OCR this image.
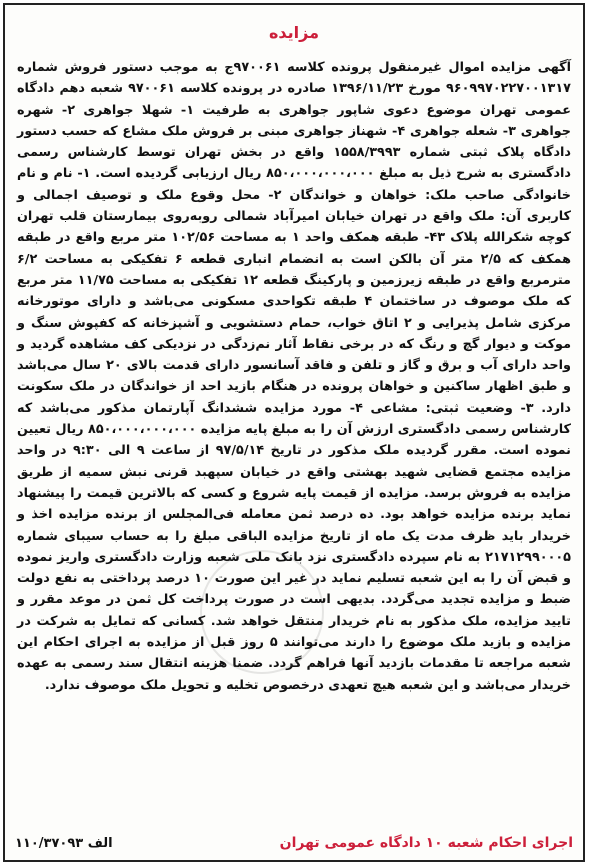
مزایده

آگهی مزایده اموال غیرمنقول پرونده کلاسه ۹۷۰۰۶۱ج به موجب دستور فروش شماره ۹۶۰۹۹۷۰۲۲۷۰۰۱۳۱۷ مورخ ۱۳۹۶/۱۱/۲۳ صادره در پرونده کلاسه ۹۷۰۰۶۱ شعبه دهم دادگاه عمومی تهران موضوع دعوی شاپور جواهری به طرفیت ۱- شهلا جواهری ۲- شهره جواهری ۳- شعله جواهری ۴- شهناز جواهری مبنی بر فروش ملک مشاع که حسب دستور دادگاه پلاک ثبتی شماره ۱۵۵۸/۳۹۹۳ واقع در بخش تهران توسط کارشناس رسمی دادگستری به شرح ذیل به مبلغ ۸۵۰،۰۰۰،۰۰۰،۰۰۰ ریال ارزیابی گردیده است. ۱- نام و نام خانوادگی صاحب ملک: خواهان و خواندگان ۲- محل وقوع ملک و توصیف اجمالی و کاربری آن: ملک واقع در تهران خیابان امیرآباد شمالی روبه‌روی بیمارستان قلب تهران کوچه شکرالله پلاک ۴۳- طبقه همکف واحد ۱ به مساحت ۱۰۲/۵۶ متر مربع واقع در طبقه همکف که ۲/۵ متر آن بالکن است به انضمام انباری قطعه ۶ تفکیکی به مساحت ۶/۲ مترمربع واقع در طبقه زیرزمین و پارکینگ قطعه ۱۲ تفکیکی به مساحت ۱۱/۷۵ متر مربع که ملک موصوف در ساختمان ۴ طبقه تکواحدی مسکونی می‌باشد و دارای موتورخانه مرکزی شامل پذیرایی و ۲ اتاق خواب، حمام دستشویی و آشپزخانه که کفپوش سنگ و موکت و دیوار گچ و رنگ که در برخی نقاط آثار نم‌زدگی در نزدیکی کف مشاهده گردید و واحد دارای آب و برق و گاز و تلفن و فاقد آسانسور دارای قدمت بالای ۲۰ سال می‌باشد و طبق اظهار ساکنین و خواهان پرونده در هنگام بازید احد از خواندگان در ملک سکونت دارد. ۳- وضعیت ثبتی: مشاعی ۴- مورد مزایده ششدانگ آپارتمان مذکور می‌باشد که کارشناس رسمی دادگستری ارزش آن را به مبلغ پایه مزایده ۸۵۰،۰۰۰،۰۰۰،۰۰۰ ریال تعیین نموده است. مقرر گردیده ملک مذکور در تاریخ ۹۷/۵/۱۴ از ساعت ۹ الی ۹:۳۰ در واحد مزایده مجتمع قضایی شهید بهشتی واقع در خیابان سپهبد قرنی نبش سمیه از طریق مزایده به فروش برسد. مزایده از قیمت پایه شروع و کسی که بالاترین قیمت را پیشنهاد نماید برنده مزایده خواهد بود. ده درصد ثمن معامله فی‌المجلس از برنده مزایده اخذ و خریدار باید ظرف مدت یک ماه از تاریخ مزایده الباقی مبلغ را به حساب سیبای شماره ۲۱۷۱۲۹۹۰۰۰۵ به نام سپرده دادگستری نزد بانک ملی شعبه وزارت دادگستری واریز نموده و قبض آن را به این شعبه تسلیم نماید در غیر این صورت ۱۰ درصد پرداختی به نفع دولت ضبط و مزایده تجدید می‌گردد. بدیهی است در صورت پرداخت کل ثمن در موعد مقرر و تایید مزایده، ملک مذکور به نام خریدار منتقل خواهد شد. کسانی که تمایل به شرکت در مزایده و بازید ملک موضوع را دارند می‌توانند ۵ روز قبل از مزایده به اجرای احکام این شعبه مراجعه تا مقدمات بازدید آنها فراهم گردد. ضمنا هزینه انتقال سند رسمی به عهده خریدار می‌باشد و این شعبه هیچ تعهدی درخصوص تخلیه و تحویل ملک موصوف ندارد.

اجرای احکام شعبه ۱۰ دادگاه عمومی تهران
۱۱۰/۳۷۰۹۳ الف
